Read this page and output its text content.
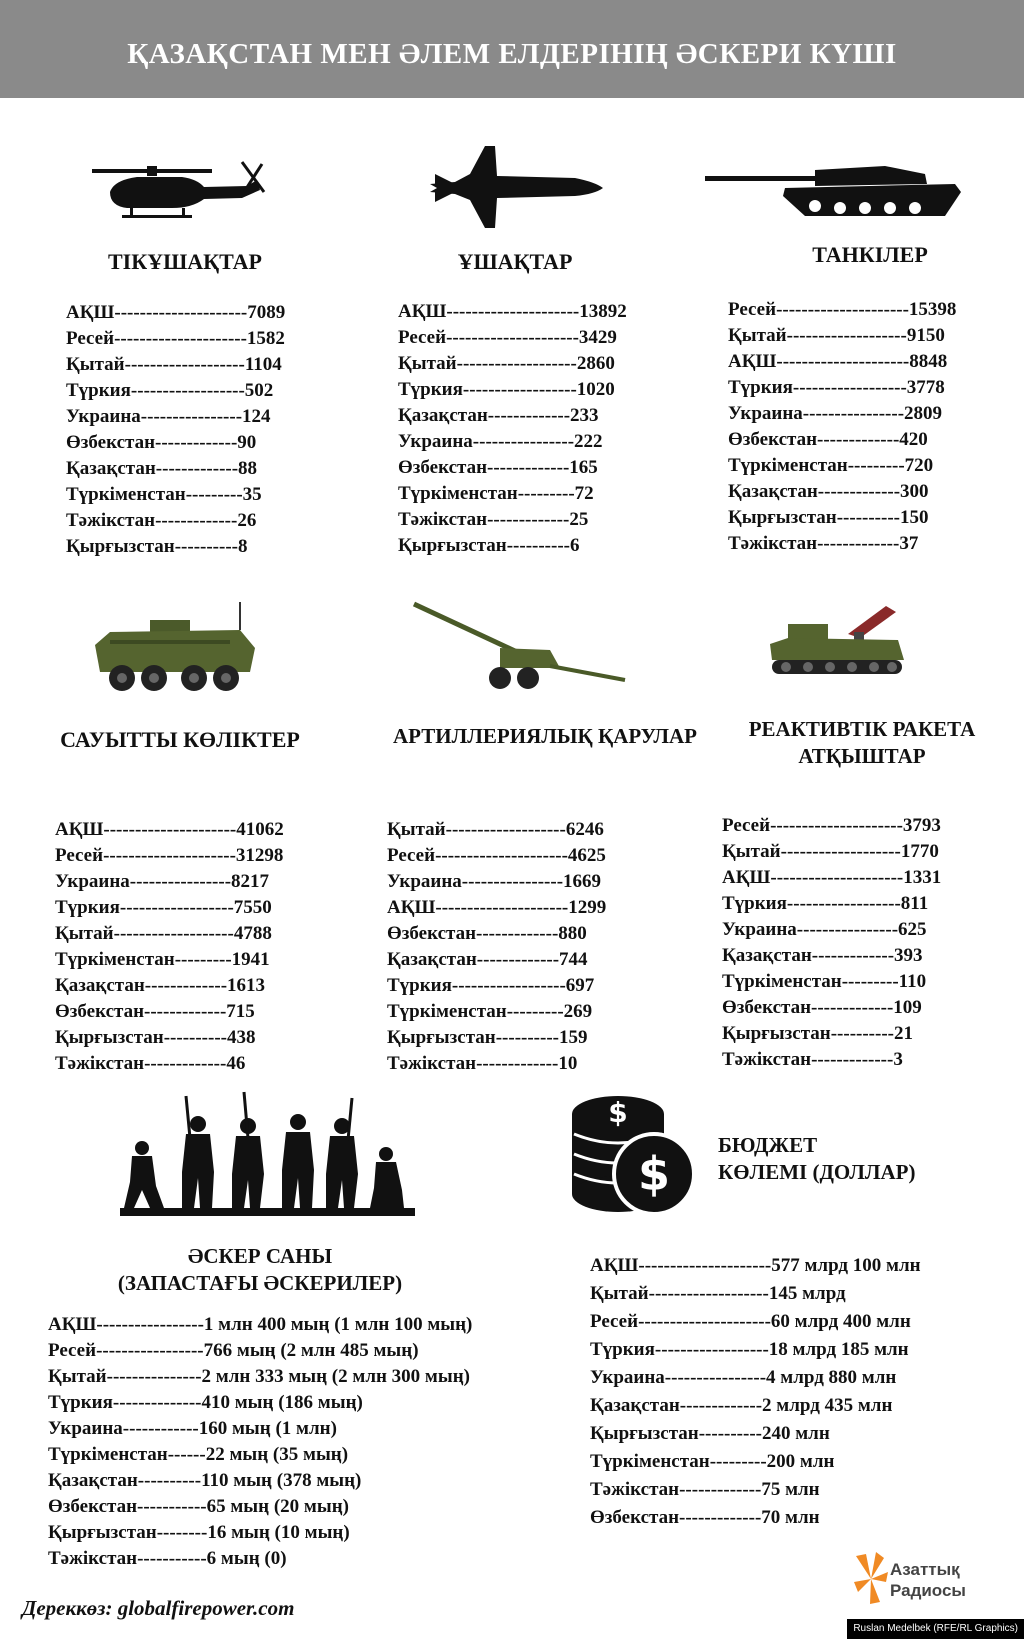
ҚАЗАҚСТАН МЕН ӘЛЕМ ЕЛДЕРІНІҢ ӘСКЕРИ КҮШІ
ТІКҰШАҚТАР
АҚШ---------------------7089
Ресей---------------------1582
Қытай-------------------1104
Түркия------------------502
Украина----------------124
Өзбекстан-------------90
Қазақстан-------------88
Түркіменстан---------35
Тәжікстан-------------26
Қырғызстан----------8
ҰШАҚТАР
АҚШ---------------------13892
Ресей---------------------3429
Қытай-------------------2860
Түркия------------------1020
Қазақстан-------------233
Украина----------------222
Өзбекстан-------------165
Түркіменстан---------72
Тәжікстан-------------25
Қырғызстан----------6
ТАНКІЛЕР
Ресей---------------------15398
Қытай-------------------9150
АҚШ---------------------8848
Түркия------------------3778
Украина----------------2809
Өзбекстан-------------420
Түркіменстан---------720
Қазақстан-------------300
Қырғызстан----------150
Тәжікстан-------------37
САУЫТТЫ КӨЛІКТЕР
АҚШ---------------------41062
Ресей---------------------31298
Украина----------------8217
Түркия------------------7550
Қытай-------------------4788
Түркіменстан---------1941
Қазақстан-------------1613
Өзбекстан-------------715
Қырғызстан----------438
Тәжікстан-------------46
АРТИЛЛЕРИЯЛЫҚ ҚАРУЛАР
Қытай-------------------6246
Ресей---------------------4625
Украина----------------1669
АҚШ---------------------1299
Өзбекстан-------------880
Қазақстан-------------744
Түркия------------------697
Түркіменстан---------269
Қырғызстан----------159
Тәжікстан-------------10
РЕАКТИВТІК РАКЕТА
АТҚЫШТАР
Ресей---------------------3793
Қытай-------------------1770
АҚШ---------------------1331
Түркия------------------811
Украина----------------625
Қазақстан-------------393
Түркіменстан---------110
Өзбекстан-------------109
Қырғызстан----------21
Тәжікстан-------------3
ӘСКЕР САНЫ
(ЗАПАСТАҒЫ ӘСКЕРИЛЕР)
АҚШ-----------------1 млн 400 мың (1 млн 100 мың)
Ресей-----------------766 мың (2 млн 485 мың)
Қытай---------------2 млн 333 мың (2 млн 300 мың)
Түркия--------------410 мың (186 мың)
Украина------------160 мың (1 млн)
Түркіменстан------22 мың (35 мың)
Қазақстан----------110 мың (378 мың)
Өзбекстан-----------65 мың (20 мың)
Қырғызстан--------16 мың (10 мың)
Тәжікстан-----------6 мың (0)
$
$
БЮДЖЕТ
КӨЛЕМІ (ДОЛЛАР)
АҚШ---------------------577 млрд 100 млн
Қытай-------------------145 млрд
Ресей---------------------60 млрд 400 млн
Түркия------------------18 млрд 185 млн
Украина----------------4 млрд 880 млн
Қазақстан-------------2 млрд 435 млн
Қырғызстан----------240 млн
Түркіменстан---------200 млн
Тәжікстан-------------75 млн
Өзбекстан-------------70 млн
Дереккөз: globalfirepower.com
Азаттық
Радиосы
Ruslan Medelbek (RFE/RL Graphics)
